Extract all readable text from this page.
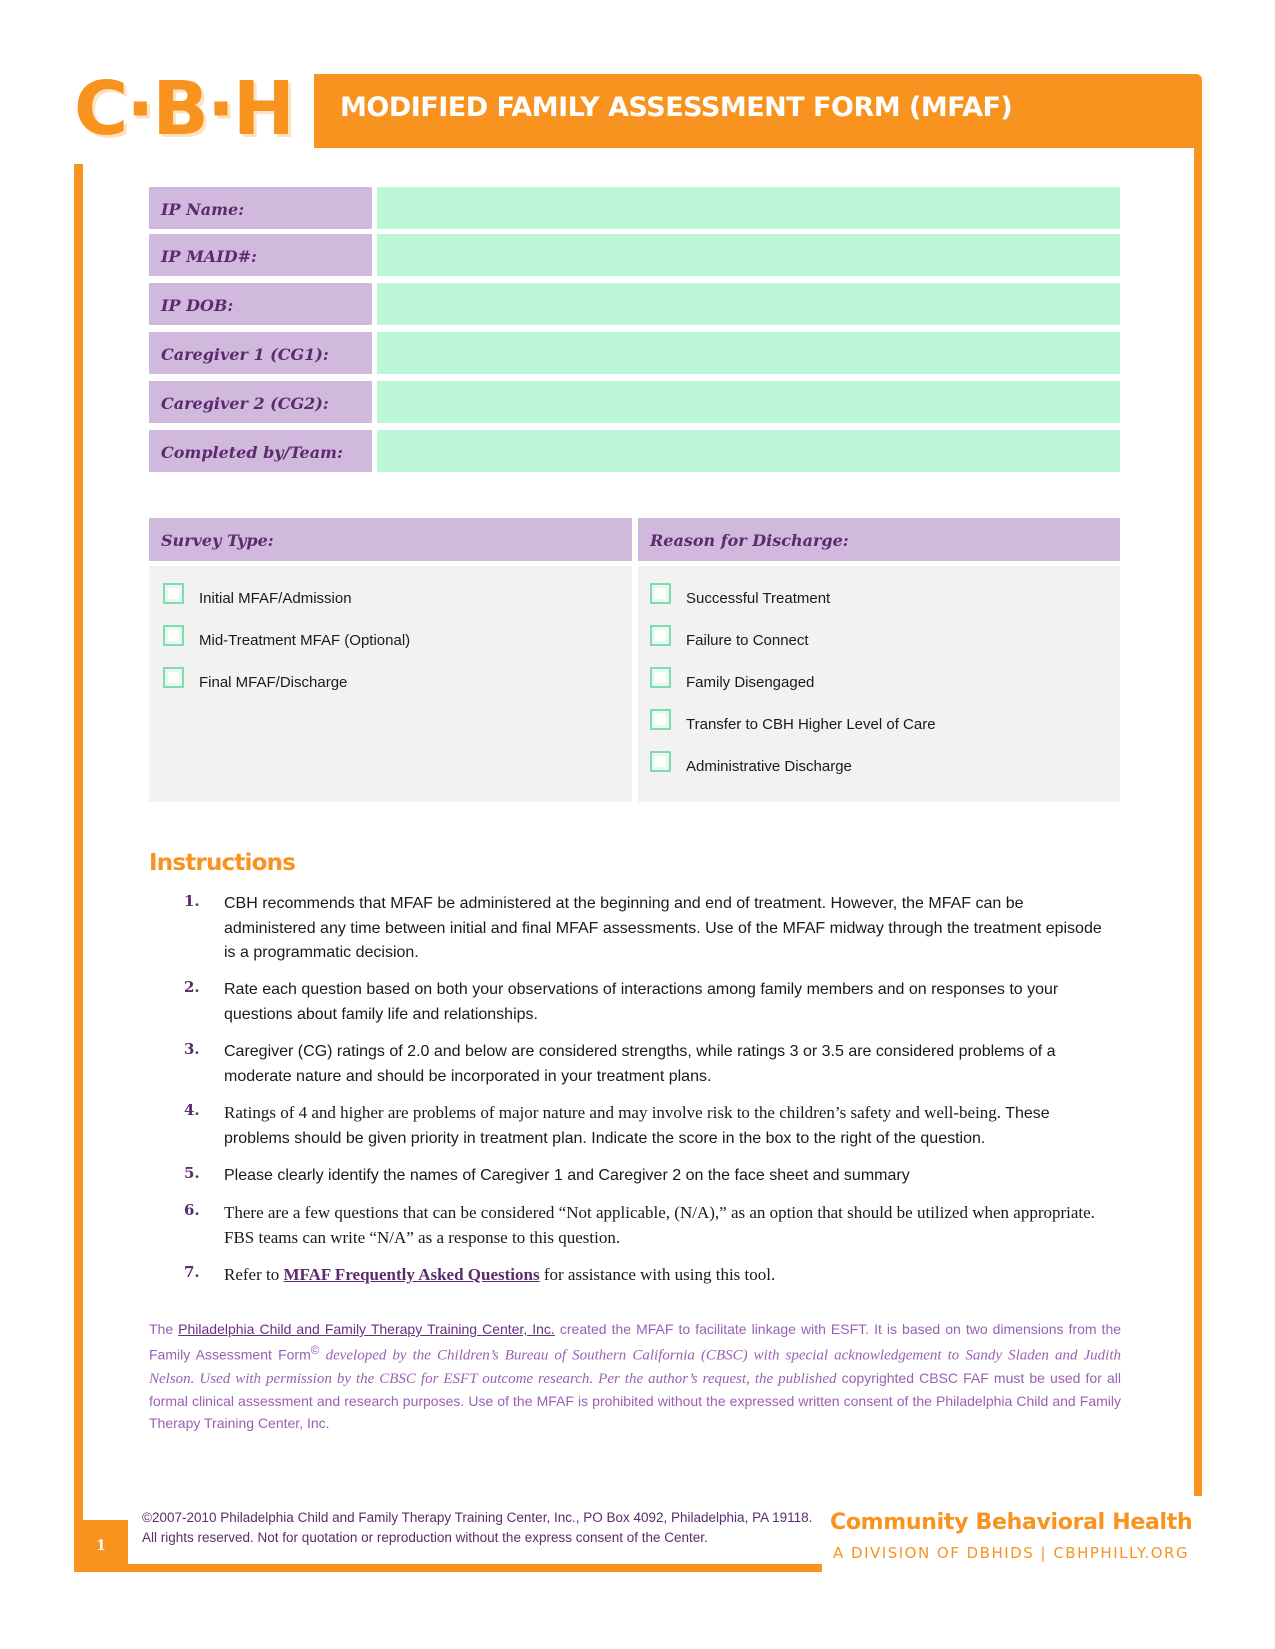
C·B·H MODIFIED FAMILY ASSESSMENT FORM (MFAF)
IP Name:
IP MAID#:
IP DOB:
Caregiver 1 (CG1):
Caregiver 2 (CG2):
Completed by/Team:
Survey Type:
Initial MFAF/Admission
Mid-Treatment MFAF (Optional)
Final MFAF/Discharge
Reason for Discharge:
Successful Treatment
Failure to Connect
Family Disengaged
Transfer to CBH Higher Level of Care
Administrative Discharge
Instructions
1. CBH recommends that MFAF be administered at the beginning and end of treatment. However, the MFAF can be administered any time between initial and final MFAF assessments. Use of the MFAF midway through the treatment episode is a programmatic decision.
2. Rate each question based on both your observations of interactions among family members and on responses to your questions about family life and relationships.
3. Caregiver (CG) ratings of 2.0 and below are considered strengths, while ratings 3 or 3.5 are considered problems of a moderate nature and should be incorporated in your treatment plans.
4. Ratings of 4 and higher are problems of major nature and may involve risk to the children’s safety and well-being. These problems should be given priority in treatment plan. Indicate the score in the box to the right of the question.
5. Please clearly identify the names of Caregiver 1 and Caregiver 2 on the face sheet and summary
6. There are a few questions that can be considered “Not applicable, (N/A),” as an option that should be utilized when appropriate. FBS teams can write “N/A” as a response to this question.
7. Refer to MFAF Frequently Asked Questions for assistance with using this tool.
The Philadelphia Child and Family Therapy Training Center, Inc. created the MFAF to facilitate linkage with ESFT. It is based on two dimensions from the Family Assessment Form© developed by the Children’s Bureau of Southern California (CBSC) with special acknowledgement to Sandy Sladen and Judith Nelson. Used with permission by the CBSC for ESFT outcome research. Per the author’s request, the published copyrighted CBSC FAF must be used for all formal clinical assessment and research purposes. Use of the MFAF is prohibited without the expressed written consent of the Philadelphia Child and Family Therapy Training Center, Inc.
1
©2007-2010 Philadelphia Child and Family Therapy Training Center, Inc., PO Box 4092, Philadelphia, PA 19118. All rights reserved. Not for quotation or reproduction without the express consent of the Center.
Community Behavioral Health
A DIVISION OF DBHIDS | CBHPHILLY.ORG
